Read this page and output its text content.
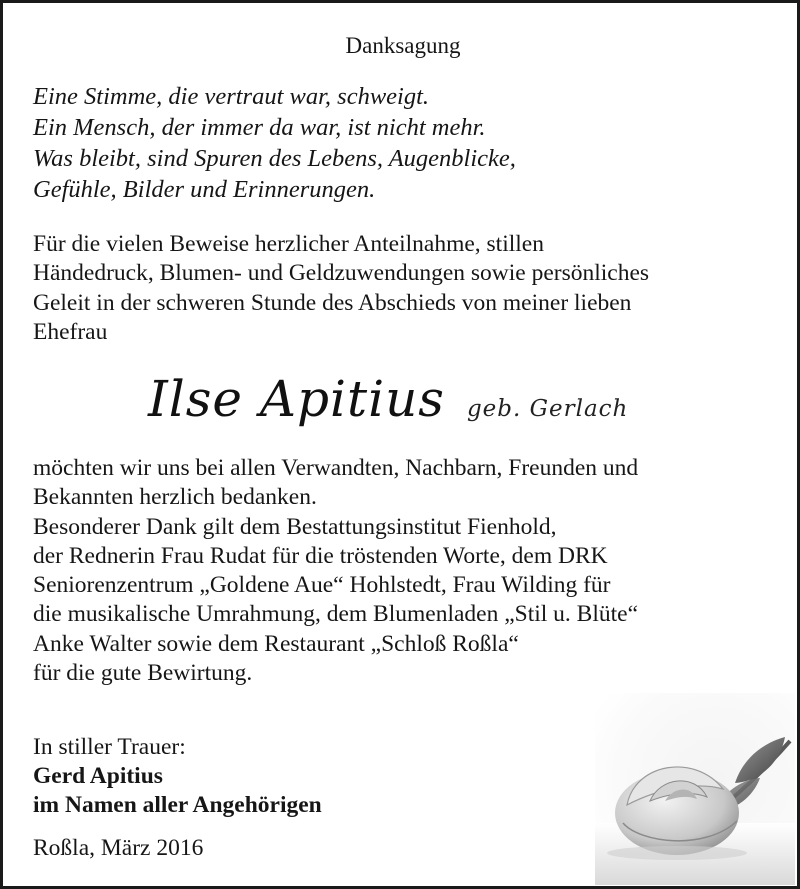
Danksagung
Eine Stimme, die vertraut war, schweigt.
Ein Mensch, der immer da war, ist nicht mehr.
Was bleibt, sind Spuren des Lebens, Augenblicke,
Gefühle, Bilder und Erinnerungen.
Für die vielen Beweise herzlicher Anteilnahme, stillen
Händedruck, Blumen- und Geldzuwendungen sowie persönliches
Geleit in der schweren Stunde des Abschieds von meiner lieben
Ehefrau
Ilse Apitius geb. Gerlach
möchten wir uns bei allen Verwandten, Nachbarn, Freunden und
Bekannten herzlich bedanken.
Besonderer Dank gilt dem Bestattungsinstitut Fienhold,
der Rednerin Frau Rudat für die tröstenden Worte, dem DRK
Seniorenzentrum „Goldene Aue“ Hohlstedt, Frau Wilding für
die musikalische Umrahmung, dem Blumenladen „Stil u. Blüte“
Anke Walter sowie dem Restaurant „Schloß Roßla“
für die gute Bewirtung.
In stiller Trauer:
Gerd Apitius
im Namen aller Angehörigen
Roßla, März 2016
